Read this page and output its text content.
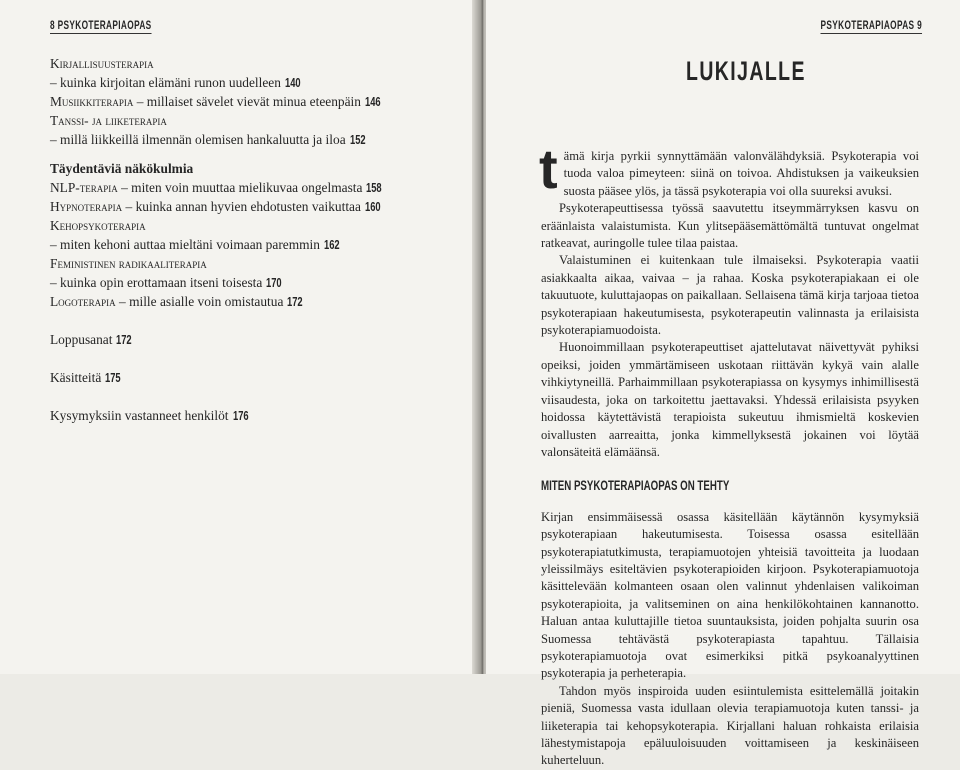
8 PSYKOTERAPIAOPAS
Kirjallisuusterapia
– kuinka kirjoitan elämäni runon uudelleen 140
Musiikkiterapia – millaiset sävelet vievät minua eteenpäin 146
Tanssi- ja liiketerapia
– millä liikkeillä ilmennän olemisen hankaluutta ja iloa 152
Täydentäviä näkökulmia
NLP-terapia – miten voin muuttaa mielikuvaa ongelmasta 158
Hypnoterapia – kuinka annan hyvien ehdotusten vaikuttaa 160
Kehopsykoterapia
– miten kehoni auttaa mieltäni voimaan paremmin 162
Feministinen radikaaliterapia
– kuinka opin erottamaan itseni toisesta 170
Logoterapia – mille asialle voin omistautua 172
Loppusanat 172
Käsitteitä 175
Kysymyksiin vastanneet henkilöt 176
PSYKOTERAPIAOPAS 9
LUKIJALLE

tämä kirja pyrkii synnyttämään valonvälähdyksiä. Psykoterapia voi tuoda valoa pimeyteen: siinä on toivoa. Ahdistuksen ja vaikeuksien suosta pääsee ylös, ja tässä psykoterapia voi olla suureksi avuksi.

Psykoterapeuttisessa työssä saavutettu itseymmärryksen kasvu on eräänlaista valaistumista. Kun ylitsepääsemättömältä tuntuvat ongelmat ratkeavat, auringolle tulee tilaa paistaa.

Valaistuminen ei kuitenkaan tule ilmaiseksi. Psykoterapia vaatii asiakkaalta aikaa, vaivaa – ja rahaa. Koska psykoterapiakaan ei ole takuutuote, kuluttajaopas on paikallaan. Sellaisena tämä kirja tarjoaa tietoa psykoterapiaan hakeutumisesta, psykoterapeutin valinnasta ja erilaisista psykoterapiamuodoista.

Huonoimmillaan psykoterapeuttiset ajattelutavat näivettyvät pyhiksi opeiksi, joiden ymmärtämiseen uskotaan riittävän kykyä vain alalle vihkiytyneillä. Parhaimmillaan psykoterapiassa on kysymys inhimillisestä viisaudesta, joka on tarkoitettu jaettavaksi. Yhdessä erilaisista psyyken hoidossa käytettävistä terapioista sukeutuu ihmismieltä koskevien oivallusten aarreaitta, jonka kimmellyksestä jokainen voi löytää valonsäteitä elämäänsä.

MITEN PSYKOTERAPIAOPAS ON TEHTY

Kirjan ensimmäisessä osassa käsitellään käytännön kysymyksiä psykoterapiaan hakeutumisesta. Toisessa osassa esitellään psykoterapiatutkimusta, terapiamuotojen yhteisiä tavoitteita ja luodaan yleissilmäys esiteltävien psykoterapioiden kirjoon. Psykoterapiamuotoja käsittelevään kolmanteen osaan olen valinnut yhdenlaisen valikoiman psykoterapioita, ja valitseminen on aina henkilökohtainen kannanotto. Haluan antaa kuluttajille tietoa suuntauksista, joiden pohjalta suurin osa Suomessa tehtävästä psykoterapiasta tapahtuu. Tällaisia psykoterapiamuotoja ovat esimerkiksi pitkä psykoanalyyttinen psykoterapia ja perheterapia.

Tahdon myös inspiroida uuden esiintulemista esittelemällä joitakin pieniä, Suomessa vasta idullaan olevia terapiamuotoja kuten tanssi- ja liiketerapia tai kehopsykoterapia. Kirjallani haluan rohkaista erilaisia lähestymistapoja epäluuloisuuden voittamiseen ja keskinäiseen kuherteluun.
